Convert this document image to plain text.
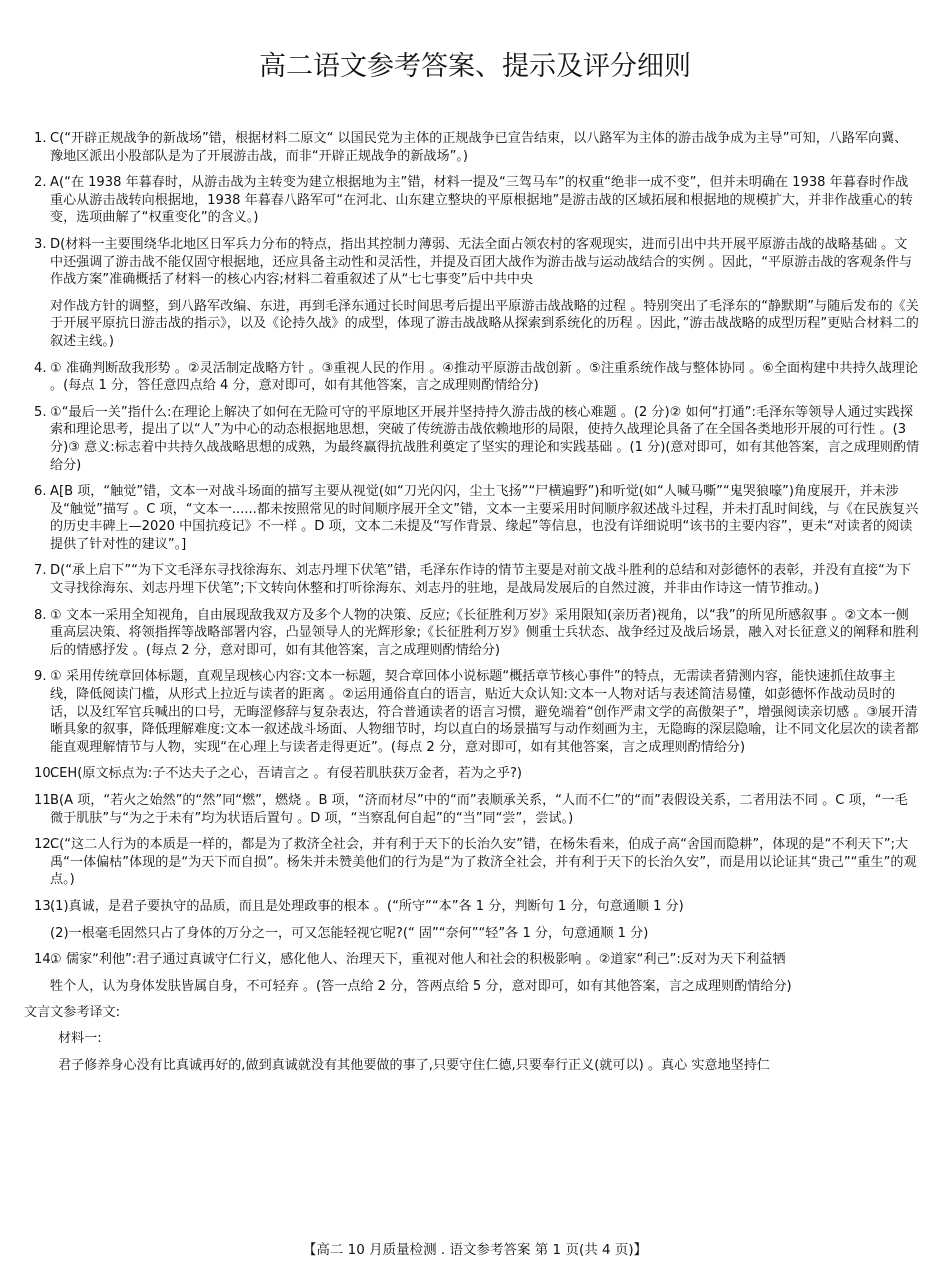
高二语文参考答案、提示及评分细则
1. C(“开辟正规战争的新战场”错，根据材料二原文“ 以国民党为主体的正规战争已宣告结束，以八路军为主体的游击战争成为主导”可知，八路军向冀、豫地区派出小股部队是为了开展游击战，而非“开辟正规战争的新战场”。)
2. A(“在 1938 年暮春时，从游击战为主转变为建立根据地为主”错，材料一提及“三驾马车”的权重“绝非一成不变”，但并未明确在 1938 年暮春时作战重心从游击战转向根据地，1938 年暮春八路军可“在河北、山东建立整块的平原根据地”是游击战的区域拓展和根据地的规模扩大，并非作战重心的转变，选项曲解了“权重变化”的含义。)
3. D(材料一主要围绕华北地区日军兵力分布的特点，指出其控制力薄弱、无法全面占领农村的客观现实，进而引出中共开展平原游击战的战略基础 。文中还强调了游击战不能仅固守根据地，还应具备主动性和灵活性，并提及百团大战作为游击战与运动战结合的实例 。因此，“平原游击战的客观条件与作战方案”准确概括了材料一的核心内容;材料二着重叙述了从“七七事变”后中共中央
对作战方针的调整，到八路军改编、东进，再到毛泽东通过长时间思考后提出平原游击战战略的过程 。特别突出了毛泽东的“静默期”与随后发布的《关于开展平原抗日游击战的指示》，以及《论持久战》的成型，体现了游击战战略从探索到系统化的历程 。因此，”游击战战略的成型历程”更贴合材料二的叙述主线。)
4. ① 准确判断敌我形势 。②灵活制定战略方针 。③重视人民的作用 。④推动平原游击战创新 。⑤注重系统作战与整体协同 。⑥全面构建中共持久战理论 。(每点 1 分，答任意四点给 4 分，意对即可，如有其他答案，言之成理则酌情给分)
5. ①“最后一关”指什么:在理论上解决了如何在无险可守的平原地区开展并坚持持久游击战的核心难题 。(2 分)② 如何“打通”:毛泽东等领导人通过实践探索和理论思考，提出了以“人”为中心的动态根据地思想，突破了传统游击战依赖地形的局限，使持久战理论具备了在全国各类地形开展的可行性 。(3 分)③ 意义:标志着中共持久战战略思想的成熟，为最终赢得抗战胜利奠定了坚实的理论和实践基础 。(1 分)(意对即可，如有其他答案，言之成理则酌情给分)
6. A[B 项，“触觉”错，文本一对战斗场面的描写主要从视觉(如“刀光闪闪，尘土飞扬”“尸横遍野”)和听觉(如“人喊马嘶”“鬼哭狼嚎”)角度展开，并未涉及“触觉”描写 。C 项，“文本一......都未按照常见的时间顺序展开全文”错，文本一主要采用时间顺序叙述战斗过程，并未打乱时间线，与《在民族复兴的历史丰碑上—2020 中国抗疫记》不一样 。D 项，文本二未提及“写作背景、缘起”等信息，也没有详细说明“该书的主要内容”，更未“对读者的阅读提供了针对性的建议”。]
7. D(“承上启下”“为下文毛泽东寻找徐海东、刘志丹埋下伏笔”错，毛泽东作诗的情节主要是对前文战斗胜利的总结和对彭德怀的表彰，并没有直接“为下文寻找徐海东、刘志丹埋下伏笔”;下文转向休整和打听徐海东、刘志丹的驻地，是战局发展后的自然过渡，并非由作诗这一情节推动。)
8. ① 文本一采用全知视角，自由展现敌我双方及多个人物的决策、反应;《长征胜利万岁》采用限知(亲历者)视角，以“我”的所见所感叙事 。②文本一侧重高层决策、将领指挥等战略部署内容，凸显领导人的光辉形象;《长征胜利万岁》侧重士兵状态、战争经过及战后场景，融入对长征意义的阐释和胜利后的情感抒发 。(每点 2 分，意对即可，如有其他答案，言之成理则酌情给分)
9. ① 采用传统章回体标题，直观呈现核心内容:文本一标题，契合章回体小说标题“概括章节核心事件”的特点，无需读者猜测内容，能快速抓住故事主线，降低阅读门槛，从形式上拉近与读者的距离 。②运用通俗直白的语言，贴近大众认知:文本一人物对话与表述简洁易懂，如彭德怀作战动员时的话，以及红军官兵喊出的口号，无晦涩修辞与复杂表达，符合普通读者的语言习惯，避免端着“创作严肃文学的高傲架子”，增强阅读亲切感 。③展开清晰具象的叙事，降低理解难度:文本一叙述战斗场面、人物细节时，均以直白的场景描写与动作刻画为主，无隐晦的深层隐喻，让不同文化层次的读者都能直观理解情节与人物，实现“在心理上与读者走得更近”。(每点 2 分，意对即可，如有其他答案，言之成理则酌情给分)
10.
CEH(原文标点为:子不达夫子之心，吾请言之 。有侵若肌肤获万金者，若为之乎?)
11.
B(A 项，“若火之始然”的“然”同“燃”，燃烧 。B 项，“济而材尽”中的“而”表顺承关系，“人而不仁”的“而”表假设关系，二者用法不同 。C 项，“一毛微于肌肤”与“为之于未有”均为状语后置句 。D 项，“当察乱何自起”的“当”同“尝”，尝试。)
12.
C(“这二人行为的本质是一样的，都是为了救济全社会，并有利于天下的长治久安”错，在杨朱看来，伯成子高“舍国而隐耕”，体现的是“不利天下”;大禹“一体偏枯”体现的是“为天下而自损”。杨朱并未赞美他们的行为是“为了救济全社会，并有利于天下的长治久安”，而是用以论证其“贵己”“重生”的观点。)
13.
(1)真诚，是君子要执守的品质，而且是处理政事的根本 。(“所守”“本”各 1 分，判断句 1 分，句意通顺 1 分)
(2)一根毫毛固然只占了身体的万分之一，可又怎能轻视它呢?(“ 固”“奈何”“轻”各 1 分，句意通顺 1 分)
14.
① 儒家“利他”:君子通过真诚守仁行义，感化他人、治理天下，重视对他人和社会的积极影响 。②道家“利己”:反对为天下利益牺
牲个人，认为身体发肤皆属自身，不可轻弃 。(答一点给 2 分，答两点给 5 分，意对即可，如有其他答案，言之成理则酌情给分)
文言文参考译文:
材料一:
君子修养身心没有比真诚再好的,做到真诚就没有其他要做的事了,只要守住仁德,只要奉行正义(就可以) 。真心 实意地坚持仁
【高二 10 月质量检测 . 语文参考答案 第 1 页(共 4 页)】
